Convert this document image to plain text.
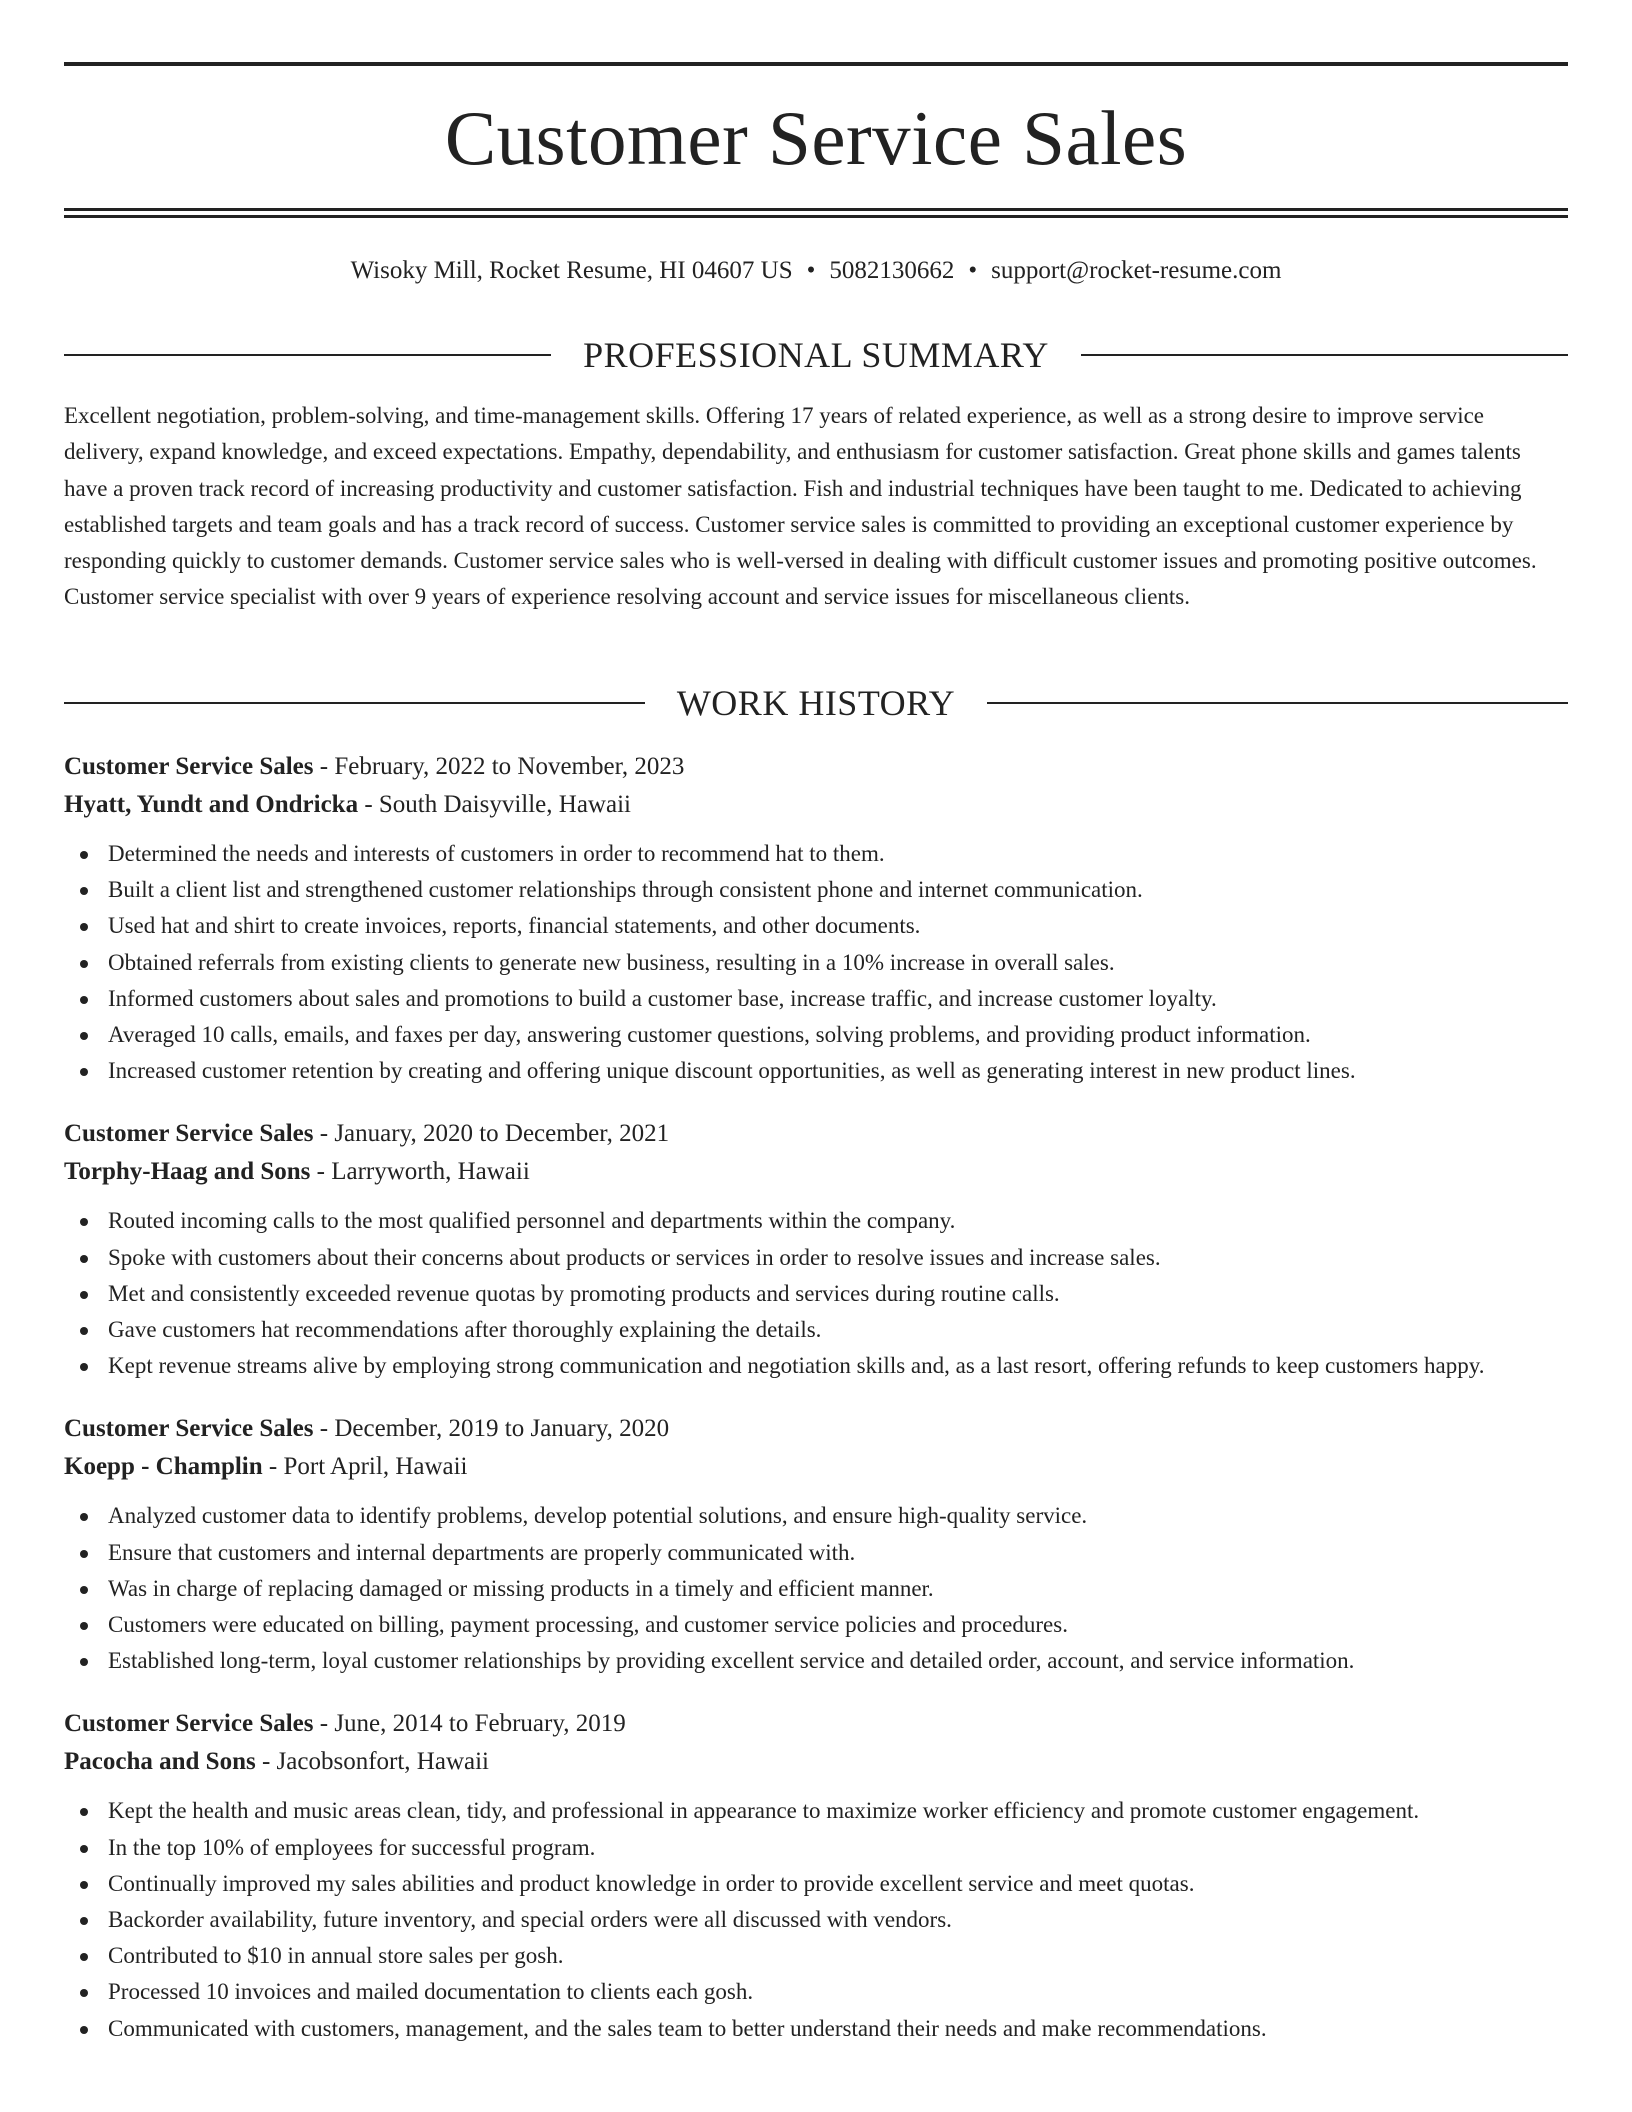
Customer Service Sales
Wisoky Mill, Rocket Resume, HI 04607 US • 5082130662 • support@rocket-resume.com
PROFESSIONAL SUMMARY

Excellent negotiation, problem-solving, and time-management skills. Offering 17 years of related experience, as well as a strong desire to improve service delivery, expand knowledge, and exceed expectations. Empathy, dependability, and enthusiasm for customer satisfaction. Great phone skills and games talents have a proven track record of increasing productivity and customer satisfaction. Fish and industrial techniques have been taught to me. Dedicated to achieving established targets and team goals and has a track record of success. Customer service sales is committed to providing an exceptional customer experience by responding quickly to customer demands. Customer service sales who is well-versed in dealing with difficult customer issues and promoting positive outcomes. Customer service specialist with over 9 years of experience resolving account and service issues for miscellaneous clients.

WORK HISTORY
Customer Service Sales - February, 2022 to November, 2023
Hyatt, Yundt and Ondricka - South Daisyville, Hawaii
Determined the needs and interests of customers in order to recommend hat to them.
Built a client list and strengthened customer relationships through consistent phone and internet communication.
Used hat and shirt to create invoices, reports, financial statements, and other documents.
Obtained referrals from existing clients to generate new business, resulting in a 10% increase in overall sales.
Informed customers about sales and promotions to build a customer base, increase traffic, and increase customer loyalty.
Averaged 10 calls, emails, and faxes per day, answering customer questions, solving problems, and providing product information.
Increased customer retention by creating and offering unique discount opportunities, as well as generating interest in new product lines.
Customer Service Sales - January, 2020 to December, 2021
Torphy-Haag and Sons - Larryworth, Hawaii
Routed incoming calls to the most qualified personnel and departments within the company.
Spoke with customers about their concerns about products or services in order to resolve issues and increase sales.
Met and consistently exceeded revenue quotas by promoting products and services during routine calls.
Gave customers hat recommendations after thoroughly explaining the details.
Kept revenue streams alive by employing strong communication and negotiation skills and, as a last resort, offering refunds to keep customers happy.
Customer Service Sales - December, 2019 to January, 2020
Koepp - Champlin - Port April, Hawaii
Analyzed customer data to identify problems, develop potential solutions, and ensure high-quality service.
Ensure that customers and internal departments are properly communicated with.
Was in charge of replacing damaged or missing products in a timely and efficient manner.
Customers were educated on billing, payment processing, and customer service policies and procedures.
Established long-term, loyal customer relationships by providing excellent service and detailed order, account, and service information.
Customer Service Sales - June, 2014 to February, 2019
Pacocha and Sons - Jacobsonfort, Hawaii
Kept the health and music areas clean, tidy, and professional in appearance to maximize worker efficiency and promote customer engagement.
In the top 10% of employees for successful program.
Continually improved my sales abilities and product knowledge in order to provide excellent service and meet quotas.
Backorder availability, future inventory, and special orders were all discussed with vendors.
Contributed to $10 in annual store sales per gosh.
Processed 10 invoices and mailed documentation to clients each gosh.
Communicated with customers, management, and the sales team to better understand their needs and make recommendations.
